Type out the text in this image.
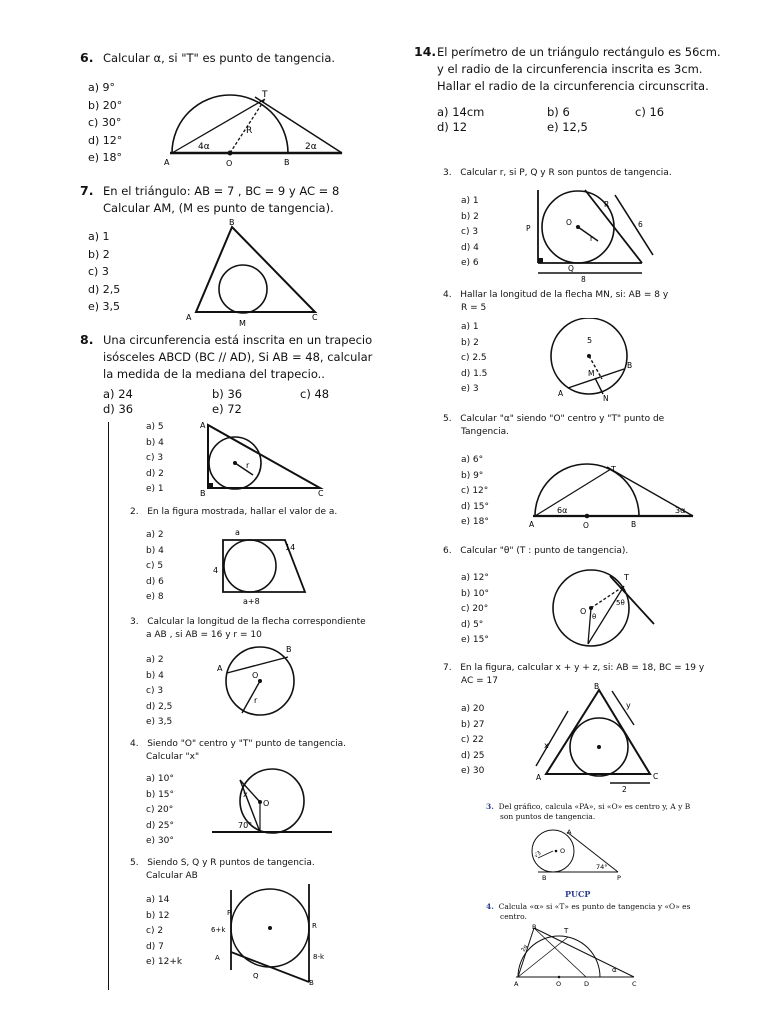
6. Calcular α, si "T" es punto de tangencia.
a) 9°
b) 20°
c) 30°
d) 12°
e) 18°
T
R
A	O	B
4α	2α
7. En el triángulo: AB = 7 , BC = 9 y AC = 8
Calcular AM, (M es punto de tangencia).
a) 1
b) 2
c) 3
d) 2,5
e) 3,5
B
A	C
M
8. Una circunferencia está inscrita en un trapecio
isósceles ABCD (BC // AD), Si AB = 48, calcular
la medida de la mediana del trapecio..
a) 24	b) 36	c) 48
d) 36	e) 72
a) 5
b) 4
c) 3
d) 2
e) 1
A
B	C
r
2. En la figura mostrada, hallar el valor de a.
a) 2
b) 4
c) 5
d) 6
e) 8
a
14
4
a+8
3. Calcular la longitud de la flecha correspondiente
a AB , si AB = 16 y r = 10
a) 2
b) 4
c) 3
d) 2,5
e) 3,5
A
B
O
r
4. Siendo "O" centro y "T" punto de tangencia.
Calcular "x"
a) 10°
b) 15°
c) 20°
d) 25°
e) 30°
x
O
70°
5. Siendo S, Q y R puntos de tangencia.
Calcular AB
a) 14
b) 12
c) 2
d) 7
e) 12+k
P
R
A
Q
B
6+k
8-k
14. El perímetro de un triángulo rectángulo es 56cm.
y el radio de la circunferencia inscrita es 3cm.
Hallar el radio de la circunferencia circunscrita.
a) 14cm	b) 6	c) 16
d) 12	e) 12,5
3. Calcular r, si P, Q y R son puntos de tangencia.
a) 1
b) 2
c) 3
d) 4
e) 6
P
O
R
r
6
Q
8
4. Hallar la longitud de la flecha MN, si: AB = 8 y
R = 5
a) 1
b) 2
c) 2.5
d) 1.5
e) 3
5
B
M
A
N
5. Calcular "α" siendo "O" centro y "T" punto de
Tangencia.
a) 6°
b) 9°
c) 12°
d) 15°
e) 18°
T
A	O	B
6α	3α
6. Calcular "θ" (T : punto de tangencia).
a) 12°
b) 10°
c) 20°
d) 5°
e) 15°
T
O
θ
5θ
7. En la figura, calcular x + y + z, si: AB = 18, BC = 19 y
AC = 17
a) 20
b) 27
c) 22
d) 25
e) 30
B
A	C
x
y
2
3. Del gráfico, calcula «PA», si «O» es centro y, A y B
son puntos de tangencia.
A
O
74°
B	P
√3
PUCP
4. Calcula «α» si «T» es punto de tangencia y «O» es
centro.
B	T
A	O	D	C
α
2α
